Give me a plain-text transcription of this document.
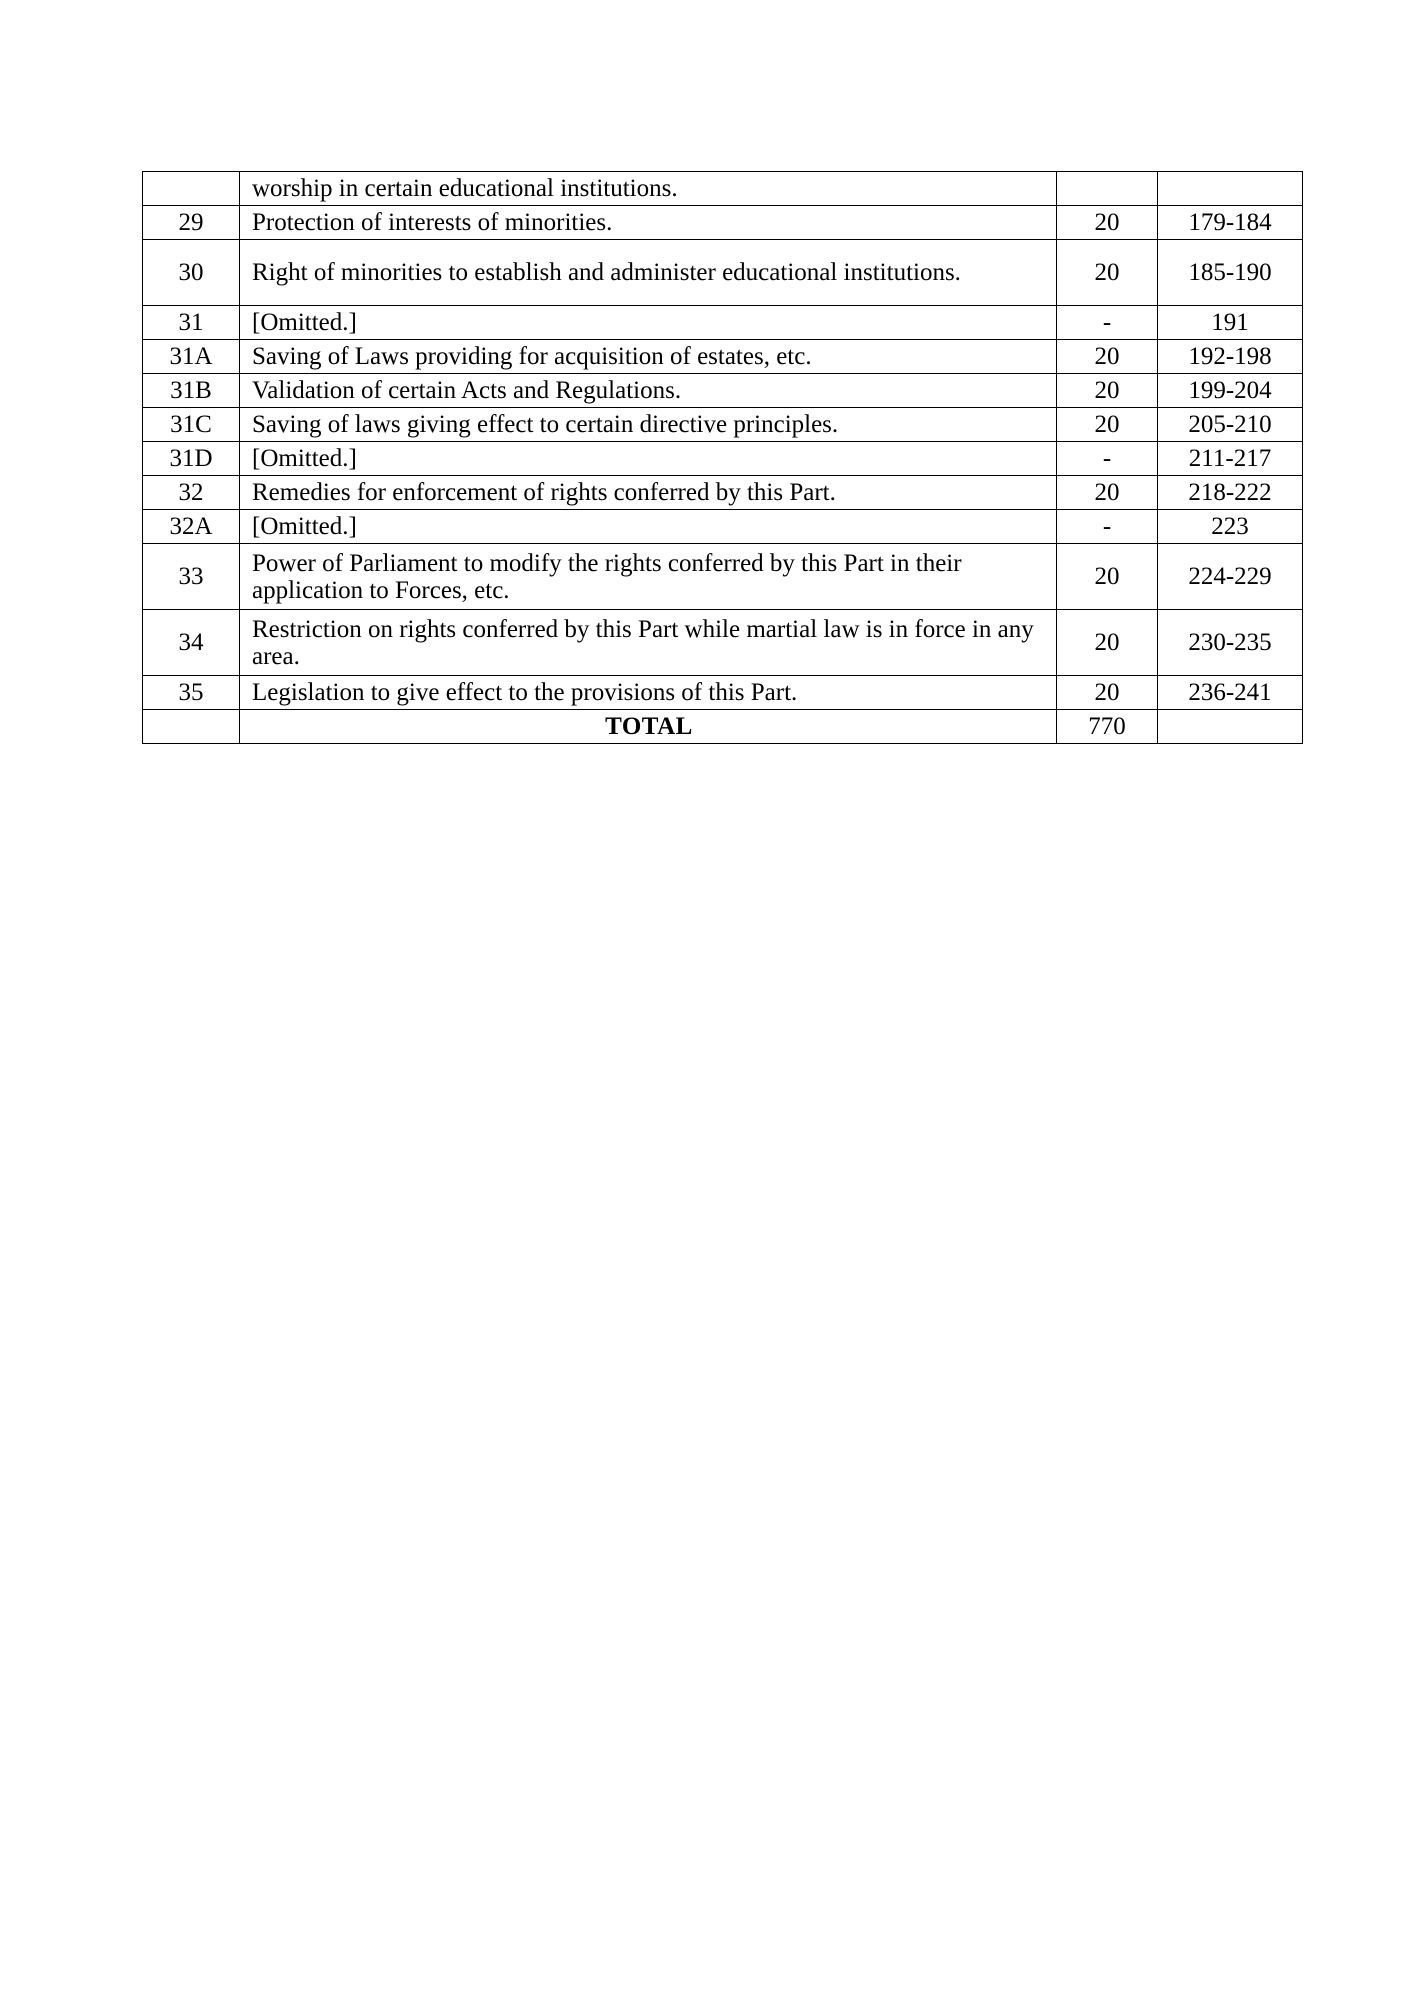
	worship in certain educational institutions.		
29	Protection of interests of minorities.	20	179-184
30	Right of minorities to establish and administer educational institutions.	20	185-190
31	[Omitted.]	-	191
31A	Saving of Laws providing for acquisition of estates, etc.	20	192-198
31B	Validation of certain Acts and Regulations.	20	199-204
31C	Saving of laws giving effect to certain directive principles.	20	205-210
31D	[Omitted.]	-	211-217
32	Remedies for enforcement of rights conferred by this Part.	20	218-222
32A	[Omitted.]	-	223
33	Power of Parliament to modify the rights conferred by this Part in their application to Forces, etc.	20	224-229
34	Restriction on rights conferred by this Part while martial law is in force in any area.	20	230-235
35	Legislation to give effect to the provisions of this Part.	20	236-241
	TOTAL	770	
